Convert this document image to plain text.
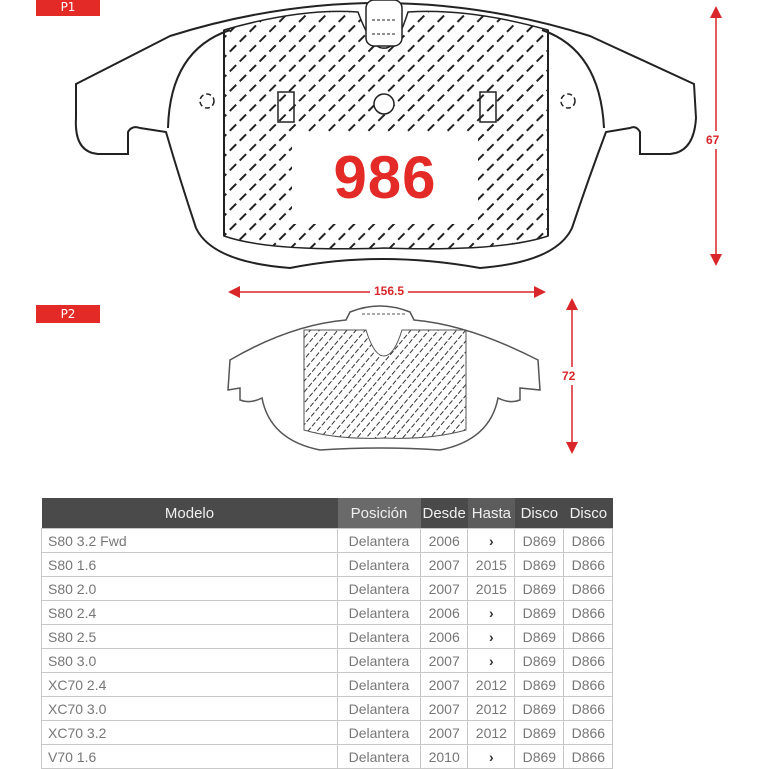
P1
P2
986
67
156.5
72
Modelo	Posición	Desde	Hasta	Disco	Disco
S80 3.2 Fwd	Delantera	2006	›	D869	D866
S80 1.6	Delantera	2007	2015	D869	D866
S80 2.0	Delantera	2007	2015	D869	D866
S80 2.4	Delantera	2006	›	D869	D866
S80 2.5	Delantera	2006	›	D869	D866
S80 3.0	Delantera	2007	›	D869	D866
XC70 2.4	Delantera	2007	2012	D869	D866
XC70 3.0	Delantera	2007	2012	D869	D866
XC70 3.2	Delantera	2007	2012	D869	D866
V70 1.6	Delantera	2010	›	D869	D866
